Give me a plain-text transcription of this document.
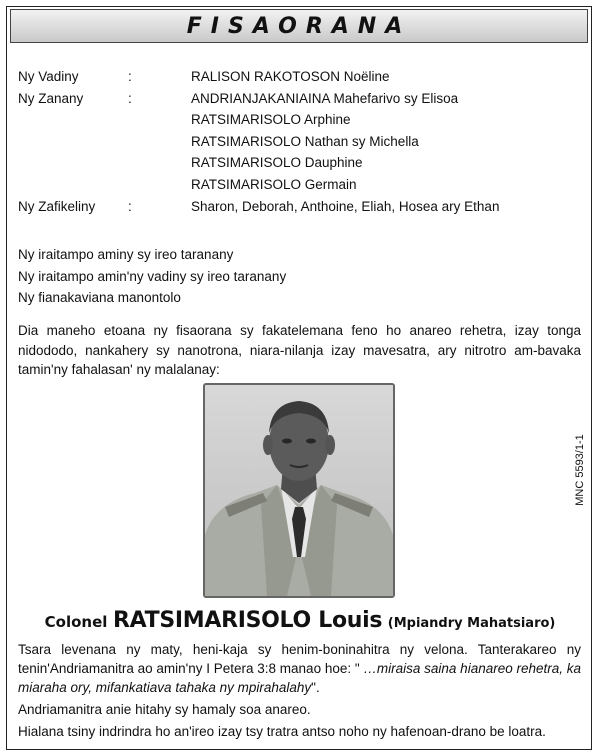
FISAORANA
Ny Vadiny	:	RALISON RAKOTOSON Noëline
Ny Zanany	:	ANDRIANJAKANIAINA Mahefarivo sy Elisoa
RATSIMARISOLO Arphine
RATSIMARISOLO Nathan sy Michella
RATSIMARISOLO Dauphine
RATSIMARISOLO Germain
Ny Zafikeliny :	Sharon, Deborah, Anthoine, Eliah, Hosea ary Ethan
Ny iraitampo aminy sy ireo taranany
Ny iraitampo amin'ny vadiny sy ireo taranany
Ny fianakaviana manontolo
Dia maneho etoana ny fisaorana sy fakatelemana feno ho anareo rehetra, izay tonga nidododo, nankahery sy nanotrona, niara-nilanja izay mavesatra, ary nitrotro am-bavaka tamin'ny fahalasan' ny malalanay:
MNC 5593/1-1
Colonel RATSIMARISOLO Louis (Mpiandry Mahatsiaro)

Tsara levenana ny maty, heni-kaja sy henim-boninahitra ny velona. Tanterakareo ny tenin'Andriamanitra ao amin'ny I Petera 3:8 manao hoe: " …miraisa saina hianareo rehetra, ka miaraha ory, mifankatiava tahaka ny mpirahalahy".

Andriamanitra anie hitahy sy hamaly soa anareo.

Hialana tsiny indrindra ho an'ireo izay tsy tratra antso noho ny hafenoan-drano be loatra.
